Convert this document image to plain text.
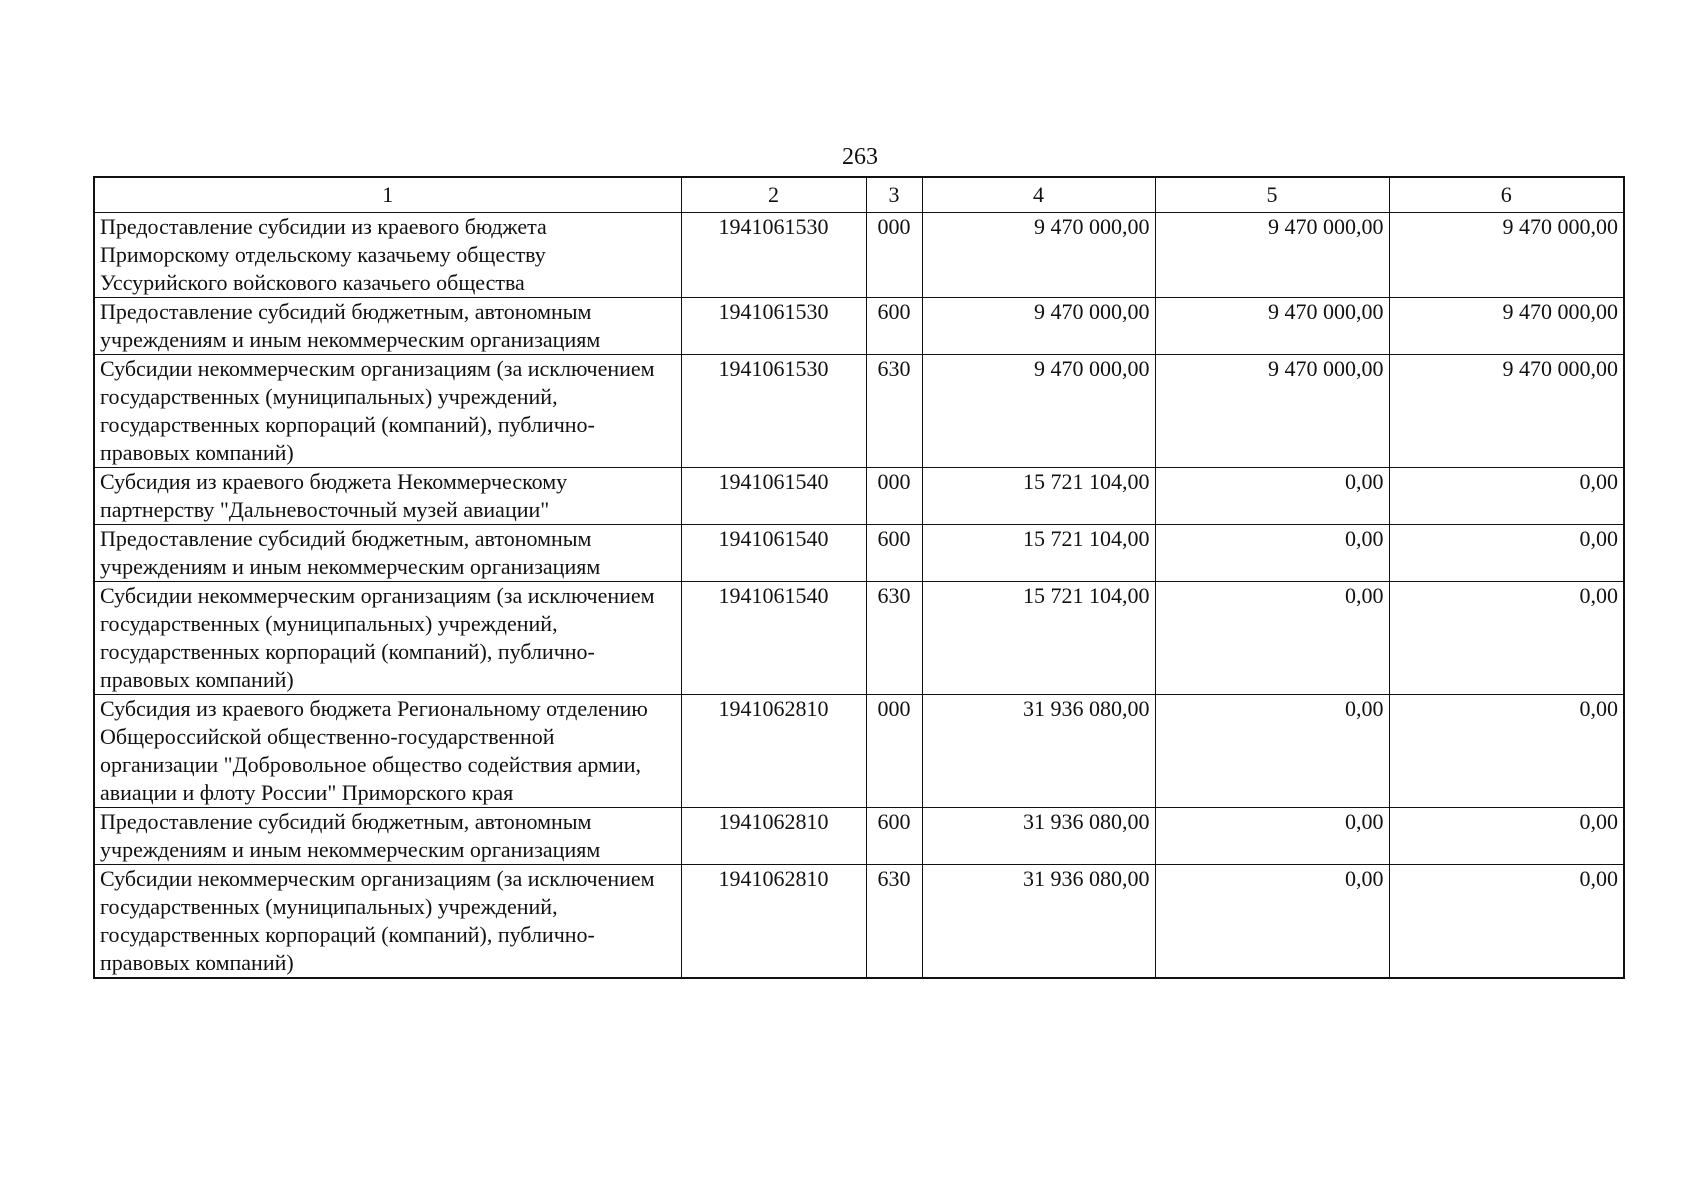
263
1	2	3	4	5	6
Предоставление субсидии из краевого бюджета Приморскому отдельскому казачьему обществу Уссурийского войскового казачьего общества	1941061530	000	9 470 000,00	9 470 000,00	9 470 000,00
Предоставление субсидий бюджетным, автономным учреждениям и иным некоммерческим организациям	1941061530	600	9 470 000,00	9 470 000,00	9 470 000,00
Субсидии некоммерческим организациям (за исключением государственных (муниципальных) учреждений, государственных корпораций (компаний), публично-правовых компаний)	1941061530	630	9 470 000,00	9 470 000,00	9 470 000,00
Субсидия из краевого бюджета Некоммерческому партнерству "Дальневосточный музей авиации"	1941061540	000	15 721 104,00	0,00	0,00
Предоставление субсидий бюджетным, автономным учреждениям и иным некоммерческим организациям	1941061540	600	15 721 104,00	0,00	0,00
Субсидии некоммерческим организациям (за исключением государственных (муниципальных) учреждений, государственных корпораций (компаний), публично-правовых компаний)	1941061540	630	15 721 104,00	0,00	0,00
Субсидия из краевого бюджета Региональному отделению Общероссийской общественно-государственной организации "Добровольное общество содействия армии, авиации и флоту России" Приморского края	1941062810	000	31 936 080,00	0,00	0,00
Предоставление субсидий бюджетным, автономным учреждениям и иным некоммерческим организациям	1941062810	600	31 936 080,00	0,00	0,00
Субсидии некоммерческим организациям (за исключением государственных (муниципальных) учреждений, государственных корпораций (компаний), публично-правовых компаний)	1941062810	630	31 936 080,00	0,00	0,00
